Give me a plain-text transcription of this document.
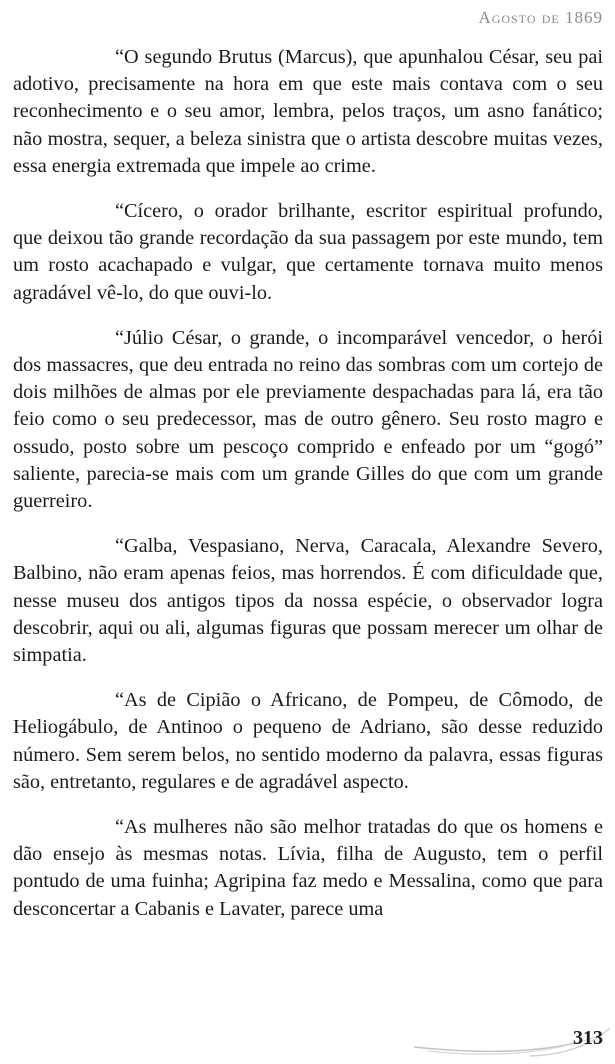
Agosto de 1869

“O segundo Brutus (Marcus), que apunhalou César, seu pai adotivo, precisamente na hora em que este mais contava com o seu reconhecimento e o seu amor, lembra, pelos traços, um asno fanático; não mostra, sequer, a beleza sinistra que o artista descobre muitas vezes, essa energia extremada que impele ao crime.

“Cícero, o orador brilhante, escritor espiritual profundo, que deixou tão grande recordação da sua passagem por este mundo, tem um rosto acachapado e vulgar, que certamente tornava muito menos agradável vê-lo, do que ouvi-lo.

“Júlio César, o grande, o incomparável vencedor, o herói dos massacres, que deu entrada no reino das sombras com um cortejo de dois milhões de almas por ele previamente despachadas para lá, era tão feio como o seu predecessor, mas de outro gênero. Seu rosto magro e ossudo, posto sobre um pescoço comprido e enfeado por um “gogó” saliente, parecia-se mais com um grande Gilles do que com um grande guerreiro.

“Galba, Vespasiano, Nerva, Caracala, Alexandre Severo, Balbino, não eram apenas feios, mas horrendos. É com dificuldade que, nesse museu dos antigos tipos da nossa espécie, o observador logra descobrir, aqui ou ali, algumas figuras que possam merecer um olhar de simpatia.

“As de Cipião o Africano, de Pompeu, de Cômodo, de Heliogábulo, de Antinoo o pequeno de Adriano, são desse reduzido número. Sem serem belos, no sentido moderno da palavra, essas figuras são, entretanto, regulares e de agradável aspecto.

“As mulheres não são melhor tratadas do que os homens e dão ensejo às mesmas notas. Lívia, filha de Augusto, tem o perfil pontudo de uma fuinha; Agripina faz medo e Messalina, como que para desconcertar a Cabanis e Lavater, parece uma

313
